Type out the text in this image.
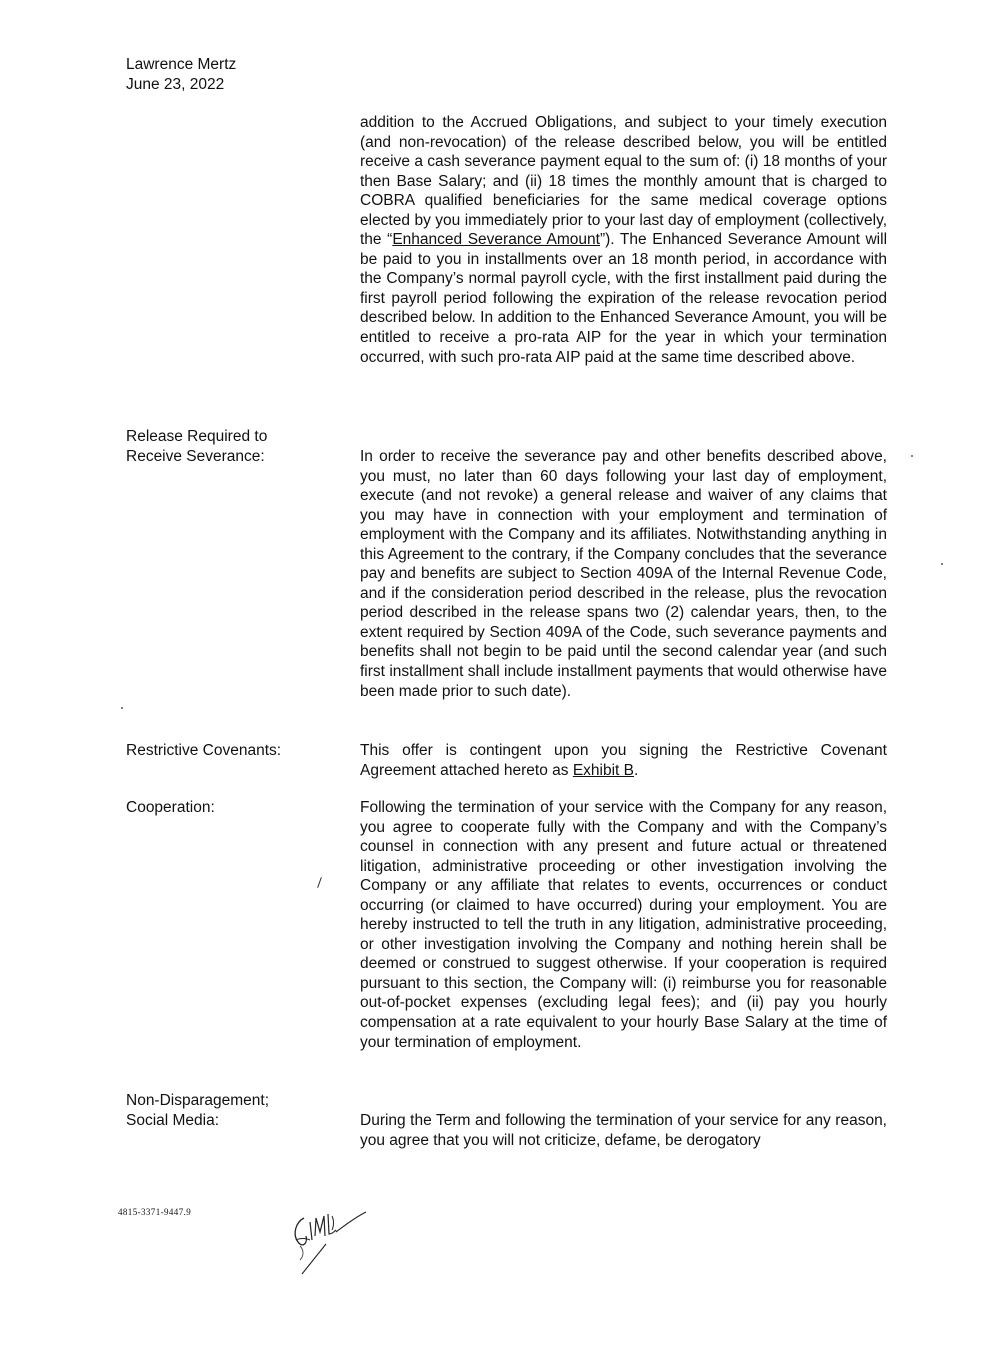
Lawrence Mertz
June 23, 2022

addition to the Accrued Obligations, and subject to your timely execution (and non-revocation) of the release described below, you will be entitled receive a cash severance payment equal to the sum of: (i) 18 months of your then Base Salary; and (ii) 18 times the monthly amount that is charged to COBRA qualified beneficiaries for the same medical coverage options elected by you immediately prior to your last day of employment (collectively, the “Enhanced Severance Amount”). The Enhanced Severance Amount will be paid to you in installments over an 18 month period, in accordance with the Company’s normal payroll cycle, with the first installment paid during the first payroll period following the expiration of the release revocation period described below. In addition to the Enhanced Severance Amount, you will be entitled to receive a pro-rata AIP for the year in which your termination occurred, with such pro-rata AIP paid at the same time described above.

Release Required to
Receive Severance:	In order to receive the severance pay and other benefits described above, you must, no later than 60 days following your last day of employment, execute (and not revoke) a general release and waiver of any claims that you may have in connection with your employment and termination of employment with the Company and its affiliates. Notwithstanding anything in this Agreement to the contrary, if the Company concludes that the severance pay and benefits are subject to Section 409A of the Internal Revenue Code, and if the consideration period described in the release, plus the revocation period described in the release spans two (2) calendar years, then, to the extent required by Section 409A of the Code, such severance payments and benefits shall not begin to be paid until the second calendar year (and such first installment shall include installment payments that would otherwise have been made prior to such date).

Restrictive Covenants:	This offer is contingent upon you signing the Restrictive Covenant Agreement attached hereto as Exhibit B.

Cooperation:	Following the termination of your service with the Company for any reason, you agree to cooperate fully with the Company and with the Company’s counsel in connection with any present and future actual or threatened litigation, administrative proceeding or other investigation involving the Company or any affiliate that relates to events, occurrences or conduct occurring (or claimed to have occurred) during your employment. You are hereby instructed to tell the truth in any litigation, administrative proceeding, or other investigation involving the Company and nothing herein shall be deemed or construed to suggest otherwise. If your cooperation is required pursuant to this section, the Company will: (i) reimburse you for reasonable out-of-pocket expenses (excluding legal fees); and (ii) pay you hourly compensation at a rate equivalent to your hourly Base Salary at the time of your termination of employment.

Non-Disparagement;
Social Media:	During the Term and following the termination of your service for any reason, you agree that you will not criticize, defame, be derogatory

4815-3371-9447.9
